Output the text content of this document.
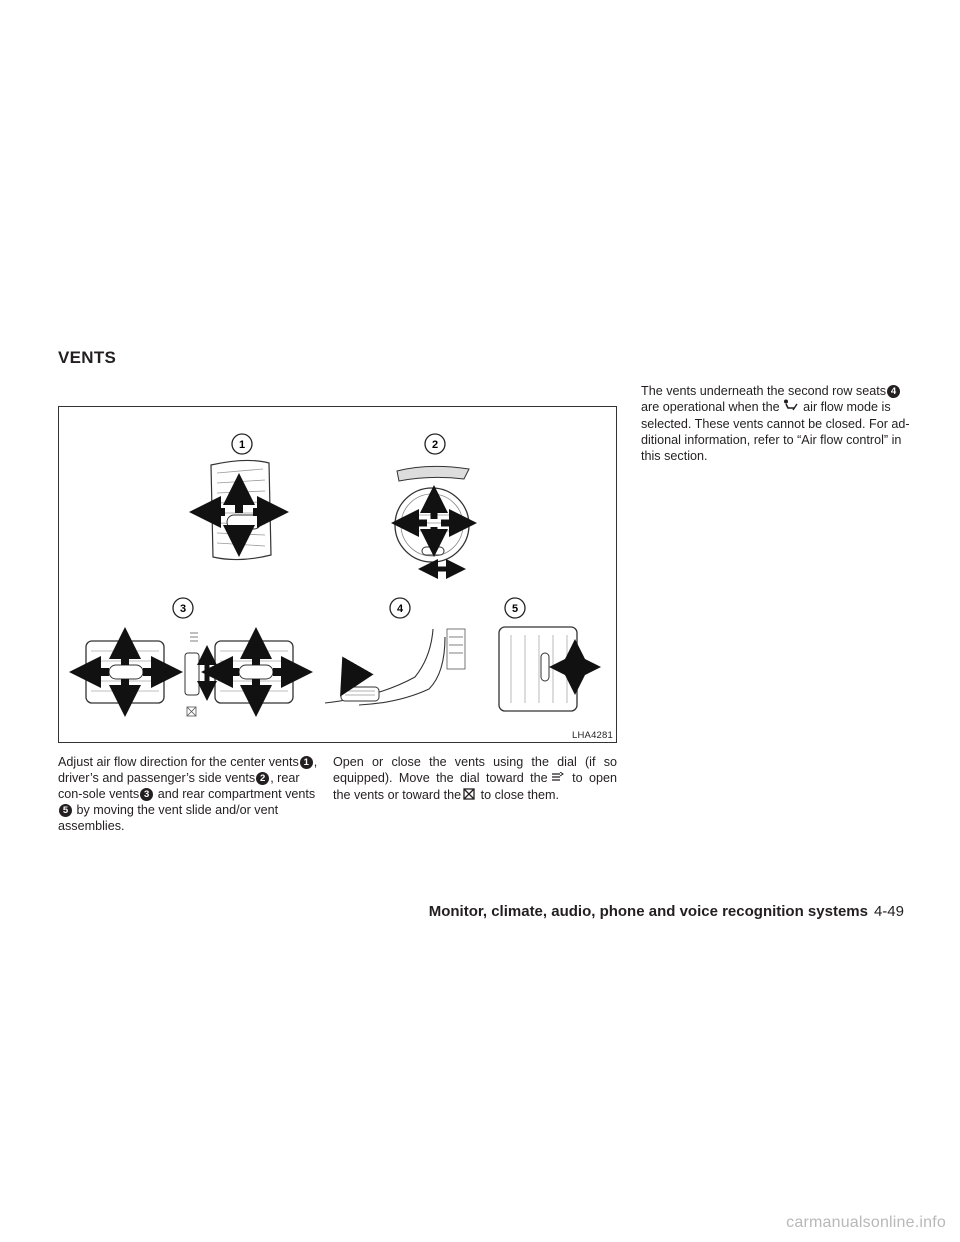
VENTS
1	2
3	4	5
LHA4281

Adjust air flow direction for the center vents 1 , driver’s and passenger’s side vents 2 , rear con-sole vents 3 and rear compartment vents5 by moving the vent slide and/or vent assemblies.

Open or close the vents using the dial (if so equipped). Move the dial toward the to open the vents or toward the to close them.

The vents underneath the second row seats 4 are operational when the air flow mode is selected. These vents cannot be closed. For ad-ditional information, refer to “Air flow control” in this section.

Monitor, climate, audio, phone and voice recognition systems 4-49
carmanualsonline.info
